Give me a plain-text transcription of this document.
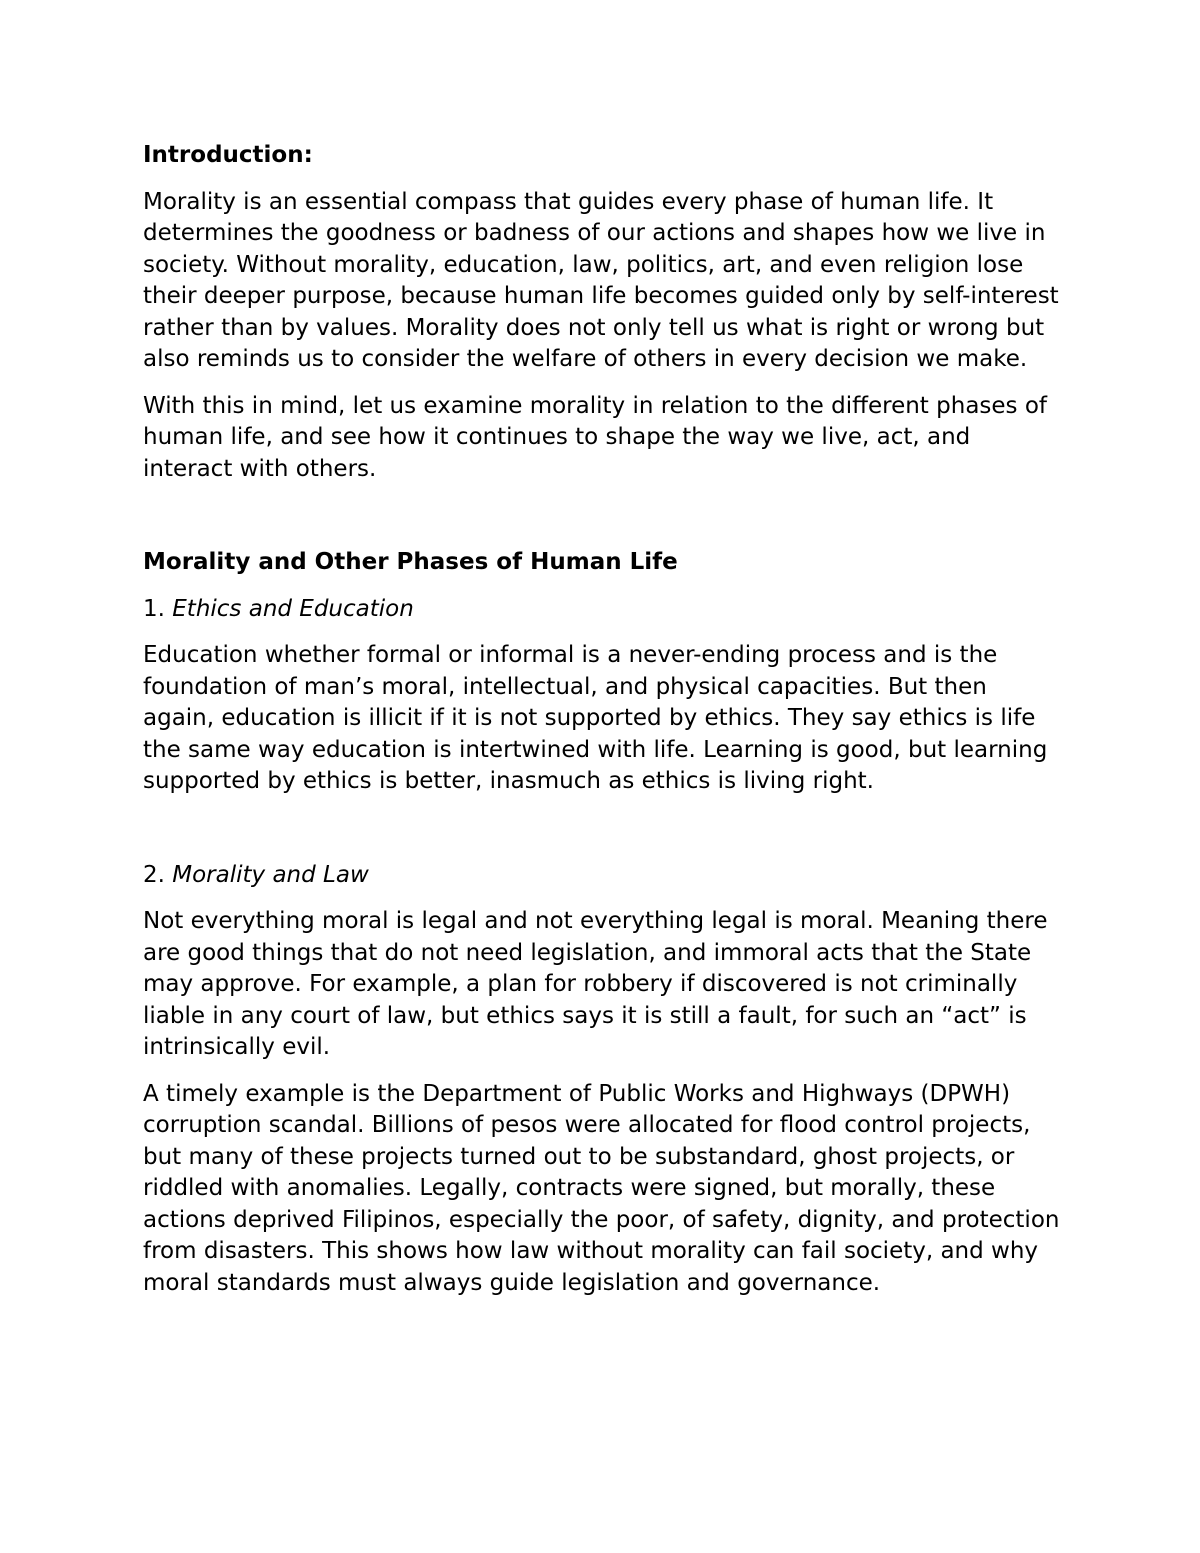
Introduction:

Morality is an essential compass that guides every phase of human life. It determines the goodness or badness of our actions and shapes how we live in society. Without morality, education, law, politics, art, and even religion lose their deeper purpose, because human life becomes guided only by self-interest rather than by values. Morality does not only tell us what is right or wrong but also reminds us to consider the welfare of others in every decision we make.

With this in mind, let us examine morality in relation to the different phases of human life, and see how it continues to shape the way we live, act, and interact with others.

Morality and Other Phases of Human Life

1. Ethics and Education

Education whether formal or informal is a never-ending process and is the foundation of man’s moral, intellectual, and physical capacities. But then again, education is illicit if it is not supported by ethics. They say ethics is life the same way education is intertwined with life. Learning is good, but learning supported by ethics is better, inasmuch as ethics is living right.

2. Morality and Law

Not everything moral is legal and not everything legal is moral. Meaning there are good things that do not need legislation, and immoral acts that the State may approve. For example, a plan for robbery if discovered is not criminally liable in any court of law, but ethics says it is still a fault, for such an “act” is intrinsically evil.

A timely example is the Department of Public Works and Highways (DPWH) corruption scandal. Billions of pesos were allocated for flood control projects, but many of these projects turned out to be substandard, ghost projects, or riddled with anomalies. Legally, contracts were signed, but morally, these actions deprived Filipinos, especially the poor, of safety, dignity, and protection from disasters. This shows how law without morality can fail society, and why moral standards must always guide legislation and governance.
